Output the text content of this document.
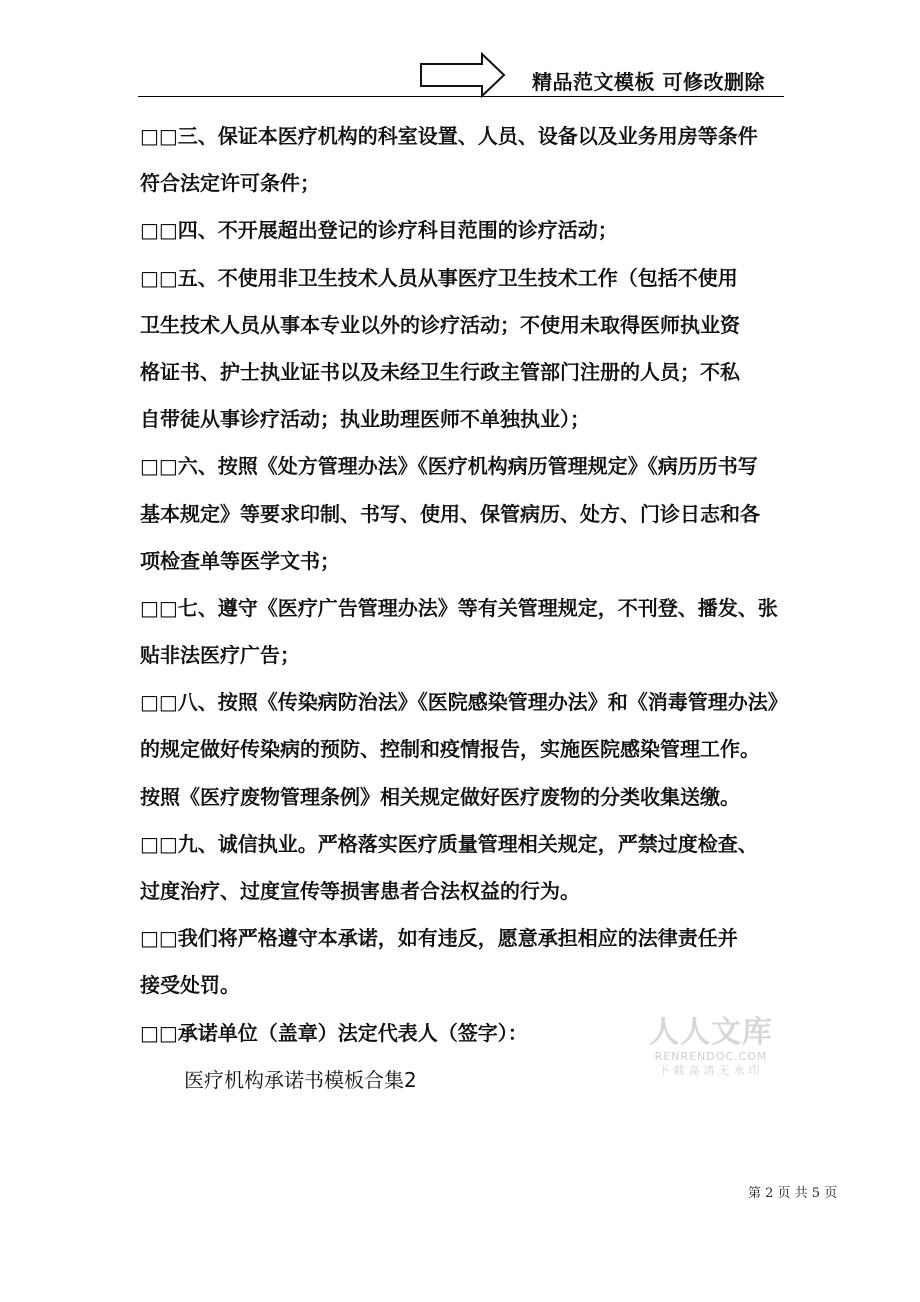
精品范文模板 可修改删除
□□三、保证本医疗机构的科室设置、人员、设备以及业务用房等条件
符合法定许可条件；
□□四、不开展超出登记的诊疗科目范围的诊疗活动；
□□五、不使用非卫生技术人员从事医疗卫生技术工作（包括不使用
卫生技术人员从事本专业以外的诊疗活动；不使用未取得医师执业资
格证书、护士执业证书以及未经卫生行政主管部门注册的人员；不私
自带徒从事诊疗活动；执业助理医师不单独执业）；
□□六、按照《处方管理办法》《医疗机构病历管理规定》《病历历书写
基本规定》等要求印制、书写、使用、保管病历、处方、门诊日志和各
项检查单等医学文书；
□□七、遵守《医疗广告管理办法》等有关管理规定，不刊登、播发、张
贴非法医疗广告；
□□八、按照《传染病防治法》《医院感染管理办法》和《消毒管理办法》
的规定做好传染病的预防、控制和疫情报告，实施医院感染管理工作。
按照《医疗废物管理条例》相关规定做好医疗废物的分类收集送缴。
□□九、诚信执业。严格落实医疗质量管理相关规定，严禁过度检查、
过度治疗、过度宣传等损害患者合法权益的行为。
□□我们将严格遵守本承诺，如有违反，愿意承担相应的法律责任并
接受处罚。
□□承诺单位（盖章）法定代表人（签字）：
医疗机构承诺书模板合集2
人人文库
RENRENDOC.COM
下载高清无水印
第 2 页 共 5 页
